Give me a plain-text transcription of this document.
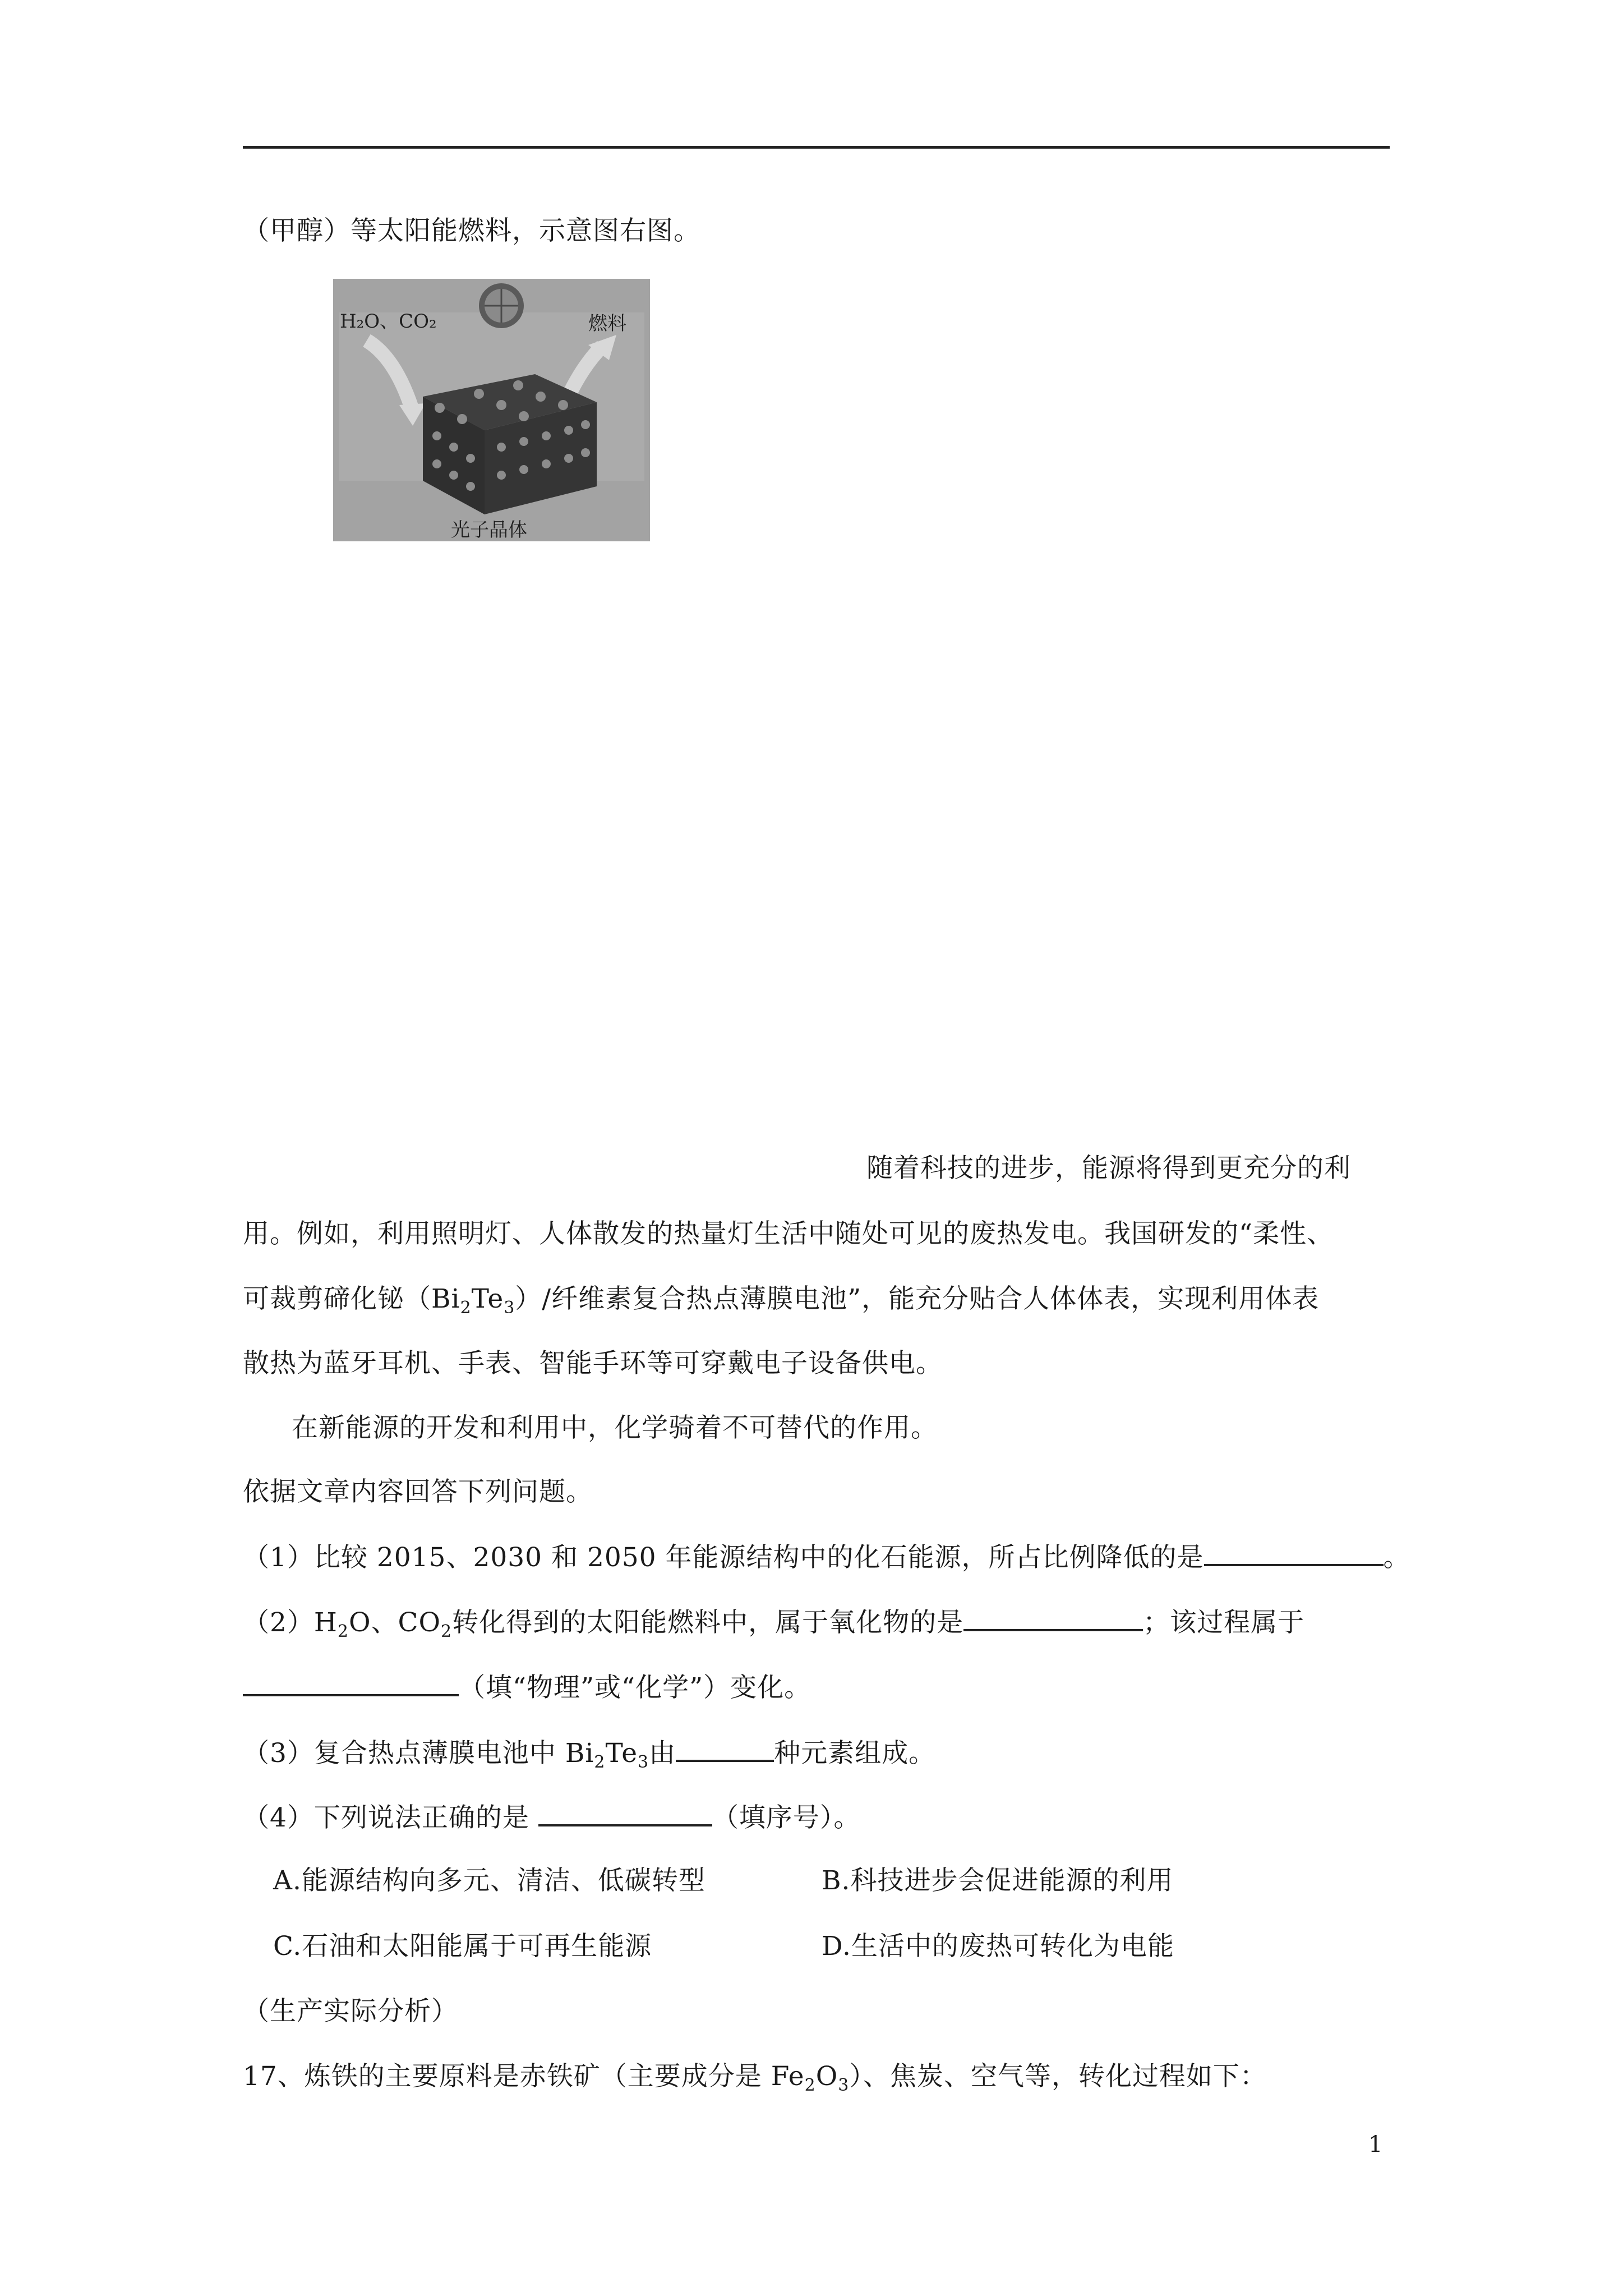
（甲醇）等太阳能燃料，示意图右图。
H₂O、CO₂	燃料
光子晶体
随着科技的进步，能源将得到更充分的利
用。例如，利用照明灯、人体散发的热量灯生活中随处可见的废热发电。我国研发的“柔性、
可裁剪碲化铋$(Bi_2Te_3)/$纤维素复合热点薄膜电池”，能充分贴合人体体表，实现利用体表
散热为蓝牙耳机、手表、智能手环等可穿戴电子设备供电。
在新能源的开发和利用中，化学骑着不可替代的作用。
依据文章内容回答下列问题。
（1）比较 2015、2030 和 2050 年能源结构中的化石能源，所占比例降低的是	。
$(2)H_2O$、$CO_2$转化得到的太阳能燃料中，属于氧化物的是	；该过程属于
（填“物理”或“化学”）变化。
（3）复合热点薄膜电池中 $Bi_2Te_3$由	种元素组成。
（4）下列说法正确的是	（填序号）。
A.能源结构向多元、清洁、低碳转型	B.科技进步会促进能源的利用
C.石油和太阳能属于可再生能源	D.生活中的废热可转化为电能
（生产实际分析）
17、炼铁的主要原料是赤铁矿（主要成分是 $Fe_2O_3$）、焦炭、空气等，转化过程如下：
1
